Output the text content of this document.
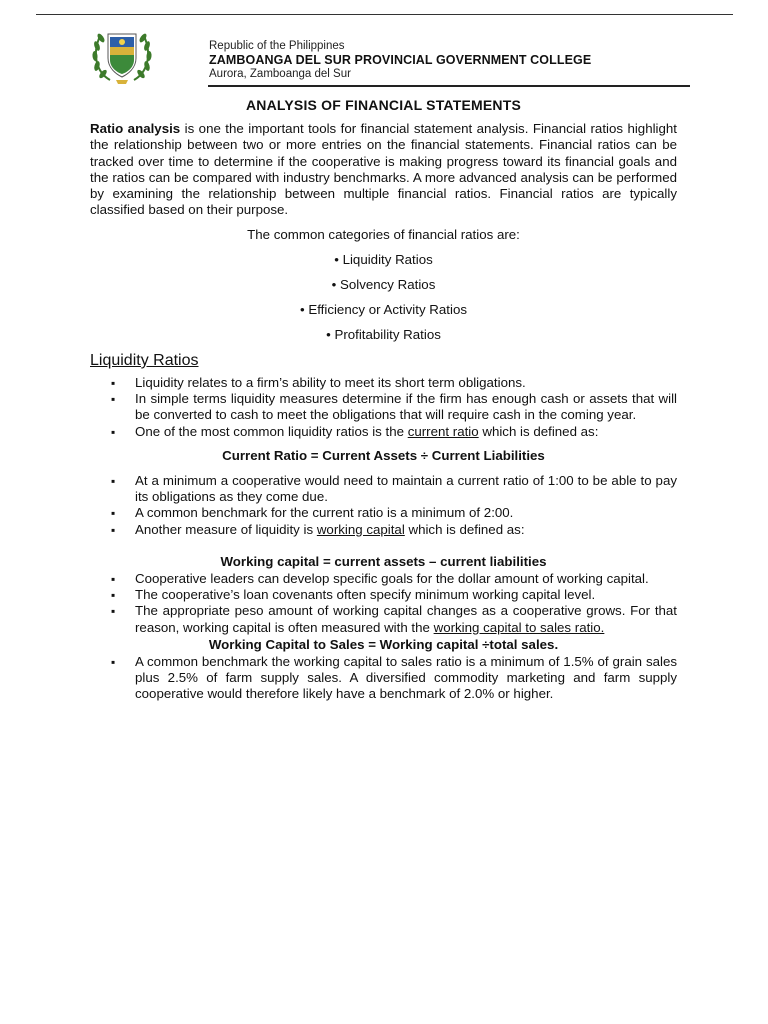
Republic of the Philippines
ZAMBOANGA DEL SUR PROVINCIAL GOVERNMENT COLLEGE
Aurora, Zamboanga del Sur
ANALYSIS OF FINANCIAL STATEMENTS

Ratio analysis is one the important tools for financial statement analysis. Financial ratios highlight the relationship between two or more entries on the financial statements. Financial ratios can be tracked over time to determine if the cooperative is making progress toward its financial goals and the ratios can be compared with industry benchmarks. A more advanced analysis can be performed by examining the relationship between multiple financial ratios. Financial ratios are typically classified based on their purpose.

The common categories of financial ratios are:
• Liquidity Ratios
• Solvency Ratios
• Efficiency or Activity Ratios
• Profitability Ratios
Liquidity Ratios
▪ Liquidity relates to a firm’s ability to meet its short term obligations.
▪ In simple terms liquidity measures determine if the firm has enough cash or assets that will be converted to cash to meet the obligations that will require cash in the coming year.
▪ One of the most common liquidity ratios is the current ratio which is defined as:
Current Ratio = Current Assets ÷ Current Liabilities
▪ At a minimum a cooperative would need to maintain a current ratio of 1:00 to be able to pay its obligations as they come due.
▪ A common benchmark for the current ratio is a minimum of 2:00.
▪ Another measure of liquidity is working capital which is defined as:
Working capital = current assets – current liabilities
▪ Cooperative leaders can develop specific goals for the dollar amount of working capital.
▪ The cooperative’s loan covenants often specify minimum working capital level.
▪ The appropriate peso amount of working capital changes as a cooperative grows. For that reason, working capital is often measured with the working capital to sales ratio.
Working Capital to Sales = Working capital ÷total sales.
▪ A common benchmark the working capital to sales ratio is a minimum of 1.5% of grain sales plus 2.5% of farm supply sales. A diversified commodity marketing and farm supply cooperative would therefore likely have a benchmark of 2.0% or higher.
